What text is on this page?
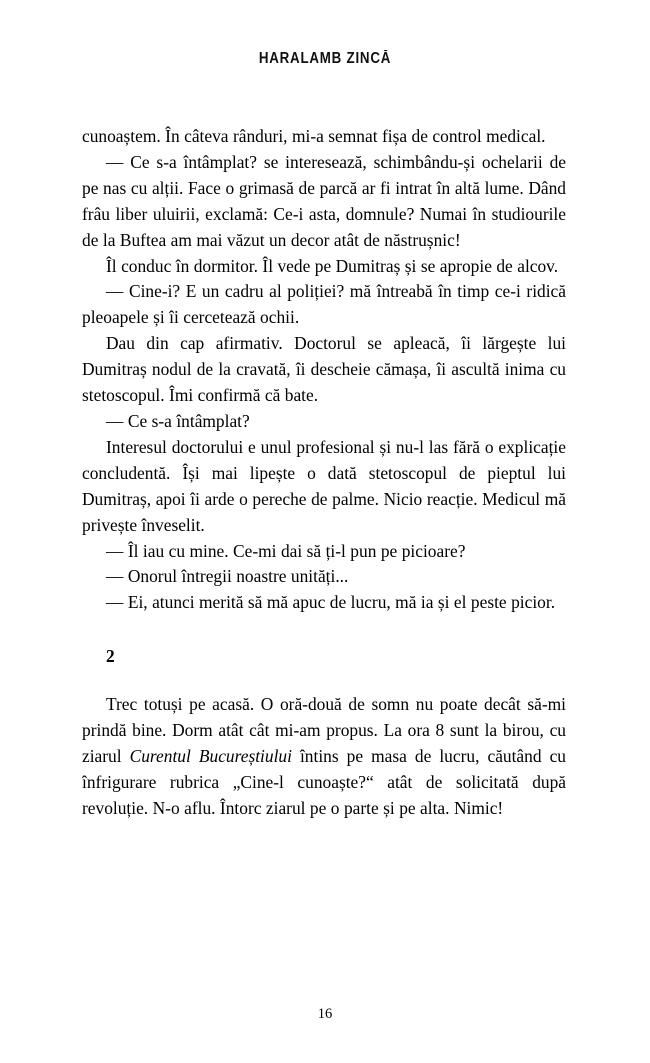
HARALAMB ZINCĂ

cunoaștem. În câteva rânduri, mi-a semnat fișa de control medical.

— Ce s-a întâmplat? se interesează, schimbându-și ochelarii de pe nas cu alții. Face o grimasă de parcă ar fi intrat în altă lume. Dând frâu liber uluirii, exclamă: Ce-i asta, domnule? Numai în studiourile de la Buftea am mai văzut un decor atât de năstrușnic!

Îl conduc în dormitor. Îl vede pe Dumitraș și se apropie de alcov.

— Cine-i? E un cadru al poliției? mă întreabă în timp ce-i ridică pleoapele și îi cercetează ochii.

Dau din cap afirmativ. Doctorul se apleacă, îi lărgește lui Dumitraș nodul de la cravată, îi descheie cămașa, îi ascultă inima cu stetoscopul. Îmi confirmă că bate.

— Ce s-a întâmplat?

Interesul doctorului e unul profesional și nu-l las fără o explicație concludentă. Își mai lipește o dată stetoscopul de pieptul lui Dumitraș, apoi îi arde o pereche de palme. Nicio reacție. Medicul mă privește înveselit.

— Îl iau cu mine. Ce-mi dai să ți-l pun pe picioare?

— Onorul întregii noastre unități...

— Ei, atunci merită să mă apuc de lucru, mă ia și el peste picior.

2

Trec totuși pe acasă. O oră-două de somn nu poate decât să-mi prindă bine. Dorm atât cât mi-am propus. La ora 8 sunt la birou, cu ziarul Curentul Bucureștiului întins pe masa de lucru, căutând cu înfrigurare rubrica „Cine-l cunoaște?“ atât de solicitată după revoluție. N-o aflu. Întorc ziarul pe o parte și pe alta. Nimic!

16
